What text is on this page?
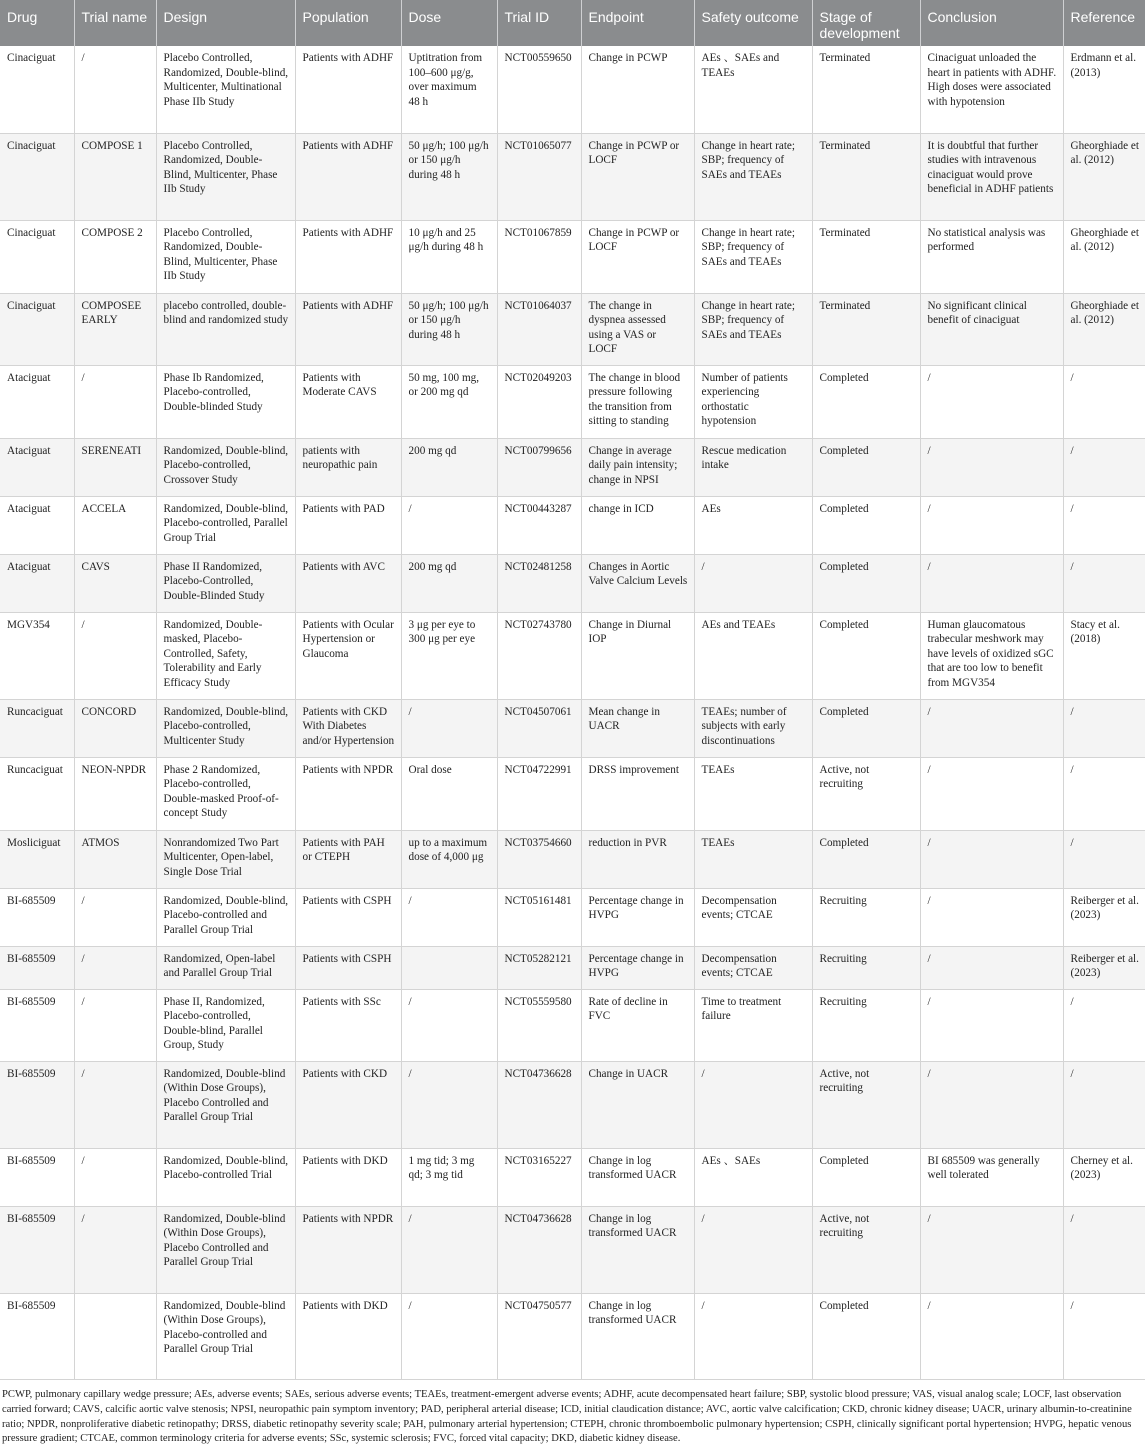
Drug	Trial name	Design	Population	Dose	Trial ID	Endpoint	Safety outcome	Stage of development	Conclusion	Reference
Cinaciguat	/	Placebo Controlled, Randomized, Double-blind, Multicenter, Multinational Phase IIb Study	Patients with ADHF	Uptitration from 100–600 μg/g, over maximum 48 h	NCT00559650	Change in PCWP	AEs 、SAEs and TEAEs	Terminated	Cinaciguat unloaded the heart in patients with ADHF. High doses were associated with hypotension	Erdmann et al. (2013)
Cinaciguat	COMPOSE 1	Placebo Controlled, Randomized, Double-Blind, Multicenter, Phase IIb Study	Patients with ADHF	50 μg/h; 100 μg/h or 150 μg/h during 48 h	NCT01065077	Change in PCWP or LOCF	Change in heart rate; SBP; frequency of SAEs and TEAEs	Terminated	It is doubtful that further studies with intravenous cinaciguat would prove beneficial in ADHF patients	Gheorghiade et al. (2012)
Cinaciguat	COMPOSE 2	Placebo Controlled, Randomized, Double-Blind, Multicenter, Phase IIb Study	Patients with ADHF	10 μg/h and 25 μg/h during 48 h	NCT01067859	Change in PCWP or LOCF	Change in heart rate; SBP; frequency of SAEs and TEAEs	Terminated	No statistical analysis was performed	Gheorghiade et al. (2012)
Cinaciguat	COMPOSEE EARLY	placebo controlled, double-blind and randomized study	Patients with ADHF	50 μg/h; 100 μg/h or 150 μg/h during 48 h	NCT01064037	The change in dyspnea assessed using a VAS or LOCF	Change in heart rate; SBP; frequency of SAEs and TEAEs	Terminated	No significant clinical benefit of cinaciguat	Gheorghiade et al. (2012)
Ataciguat	/	Phase Ib Randomized, Placebo-controlled, Double-blinded Study	Patients with Moderate CAVS	50 mg, 100 mg, or 200 mg qd	NCT02049203	The change in blood pressure following the transition from sitting to standing	Number of patients experiencing orthostatic hypotension	Completed	/	/
Ataciguat	SERENEATI	Randomized, Double-blind, Placebo-controlled, Crossover Study	patients with neuropathic pain	200 mg qd	NCT00799656	Change in average daily pain intensity; change in NPSI	Rescue medication intake	Completed	/	/
Ataciguat	ACCELA	Randomized, Double-blind, Placebo-controlled, Parallel Group Trial	Patients with PAD	/	NCT00443287	change in ICD	AEs	Completed	/	/
Ataciguat	CAVS	Phase II Randomized, Placebo-Controlled, Double-Blinded Study	Patients with AVC	200 mg qd	NCT02481258	Changes in Aortic Valve Calcium Levels	/	Completed	/	/
MGV354	/	Randomized, Double-masked, Placebo-Controlled, Safety, Tolerability and Early Efficacy Study	Patients with Ocular Hypertension or Glaucoma	3 μg per eye to 300 μg per eye	NCT02743780	Change in Diurnal IOP	AEs and TEAEs	Completed	Human glaucomatous trabecular meshwork may have levels of oxidized sGC that are too low to benefit from MGV354	Stacy et al. (2018)
Runcaciguat	CONCORD	Randomized, Double-blind, Placebo-controlled, Multicenter Study	Patients with CKD With Diabetes and/or Hypertension	/	NCT04507061	Mean change in UACR	TEAEs; number of subjects with early discontinuations	Completed	/	/
Runcaciguat	NEON-NPDR	Phase 2 Randomized, Placebo-controlled, Double-masked Proof-of-concept Study	Patients with NPDR	Oral dose	NCT04722991	DRSS improvement	TEAEs	Active, not recruiting	/	/
Mosliciguat	ATMOS	Nonrandomized Two Part Multicenter, Open-label, Single Dose Trial	Patients with PAH or CTEPH	up to a maximum dose of 4,000 μg	NCT03754660	reduction in PVR	TEAEs	Completed	/	/
BI-685509	/	Randomized, Double-blind, Placebo-controlled and Parallel Group Trial	Patients with CSPH	/	NCT05161481	Percentage change in HVPG	Decompensation events; CTCAE	Recruiting	/	Reiberger et al. (2023)
BI-685509	/	Randomized, Open-label and Parallel Group Trial	Patients with CSPH		NCT05282121	Percentage change in HVPG	Decompensation events; CTCAE	Recruiting	/	Reiberger et al. (2023)
BI-685509	/	Phase II, Randomized, Placebo-controlled, Double-blind, Parallel Group, Study	Patients with SSc	/	NCT05559580	Rate of decline in FVC	Time to treatment failure	Recruiting	/	/
BI-685509	/	Randomized, Double-blind (Within Dose Groups), Placebo Controlled and Parallel Group Trial	Patients with CKD	/	NCT04736628	Change in UACR	/	Active, not recruiting	/	/
BI-685509	/	Randomized, Double-blind, Placebo-controlled Trial	Patients with DKD	1 mg tid; 3 mg qd; 3 mg tid	NCT03165227	Change in log transformed UACR	AEs 、SAEs	Completed	BI 685509 was generally well tolerated	Cherney et al. (2023)
BI-685509	/	Randomized, Double-blind (Within Dose Groups), Placebo Controlled and Parallel Group Trial	Patients with NPDR	/	NCT04736628	Change in log transformed UACR	/	Active, not recruiting	/	/
BI-685509		Randomized, Double-blind (Within Dose Groups), Placebo-controlled and Parallel Group Trial	Patients with DKD	/	NCT04750577	Change in log transformed UACR	/	Completed	/	/

PCWP, pulmonary capillary wedge pressure; AEs, adverse events; SAEs, serious adverse events; TEAEs, treatment-emergent adverse events; ADHF, acute decompensated heart failure; SBP, systolic blood pressure; VAS, visual analog scale; LOCF, last observation carried forward; CAVS, calcific aortic valve stenosis; NPSI, neuropathic pain symptom inventory; PAD, peripheral arterial disease; ICD, initial claudication distance; AVC, aortic valve calcification; CKD, chronic kidney disease; UACR, urinary albumin-to-creatinine ratio; NPDR, nonproliferative diabetic retinopathy; DRSS, diabetic retinopathy severity scale; PAH, pulmonary arterial hypertension; CTEPH, chronic thromboembolic pulmonary hypertension; CSPH, clinically significant portal hypertension; HVPG, hepatic venous pressure gradient; CTCAE, common terminology criteria for adverse events; SSc, systemic sclerosis; FVC, forced vital capacity; DKD, diabetic kidney disease.
